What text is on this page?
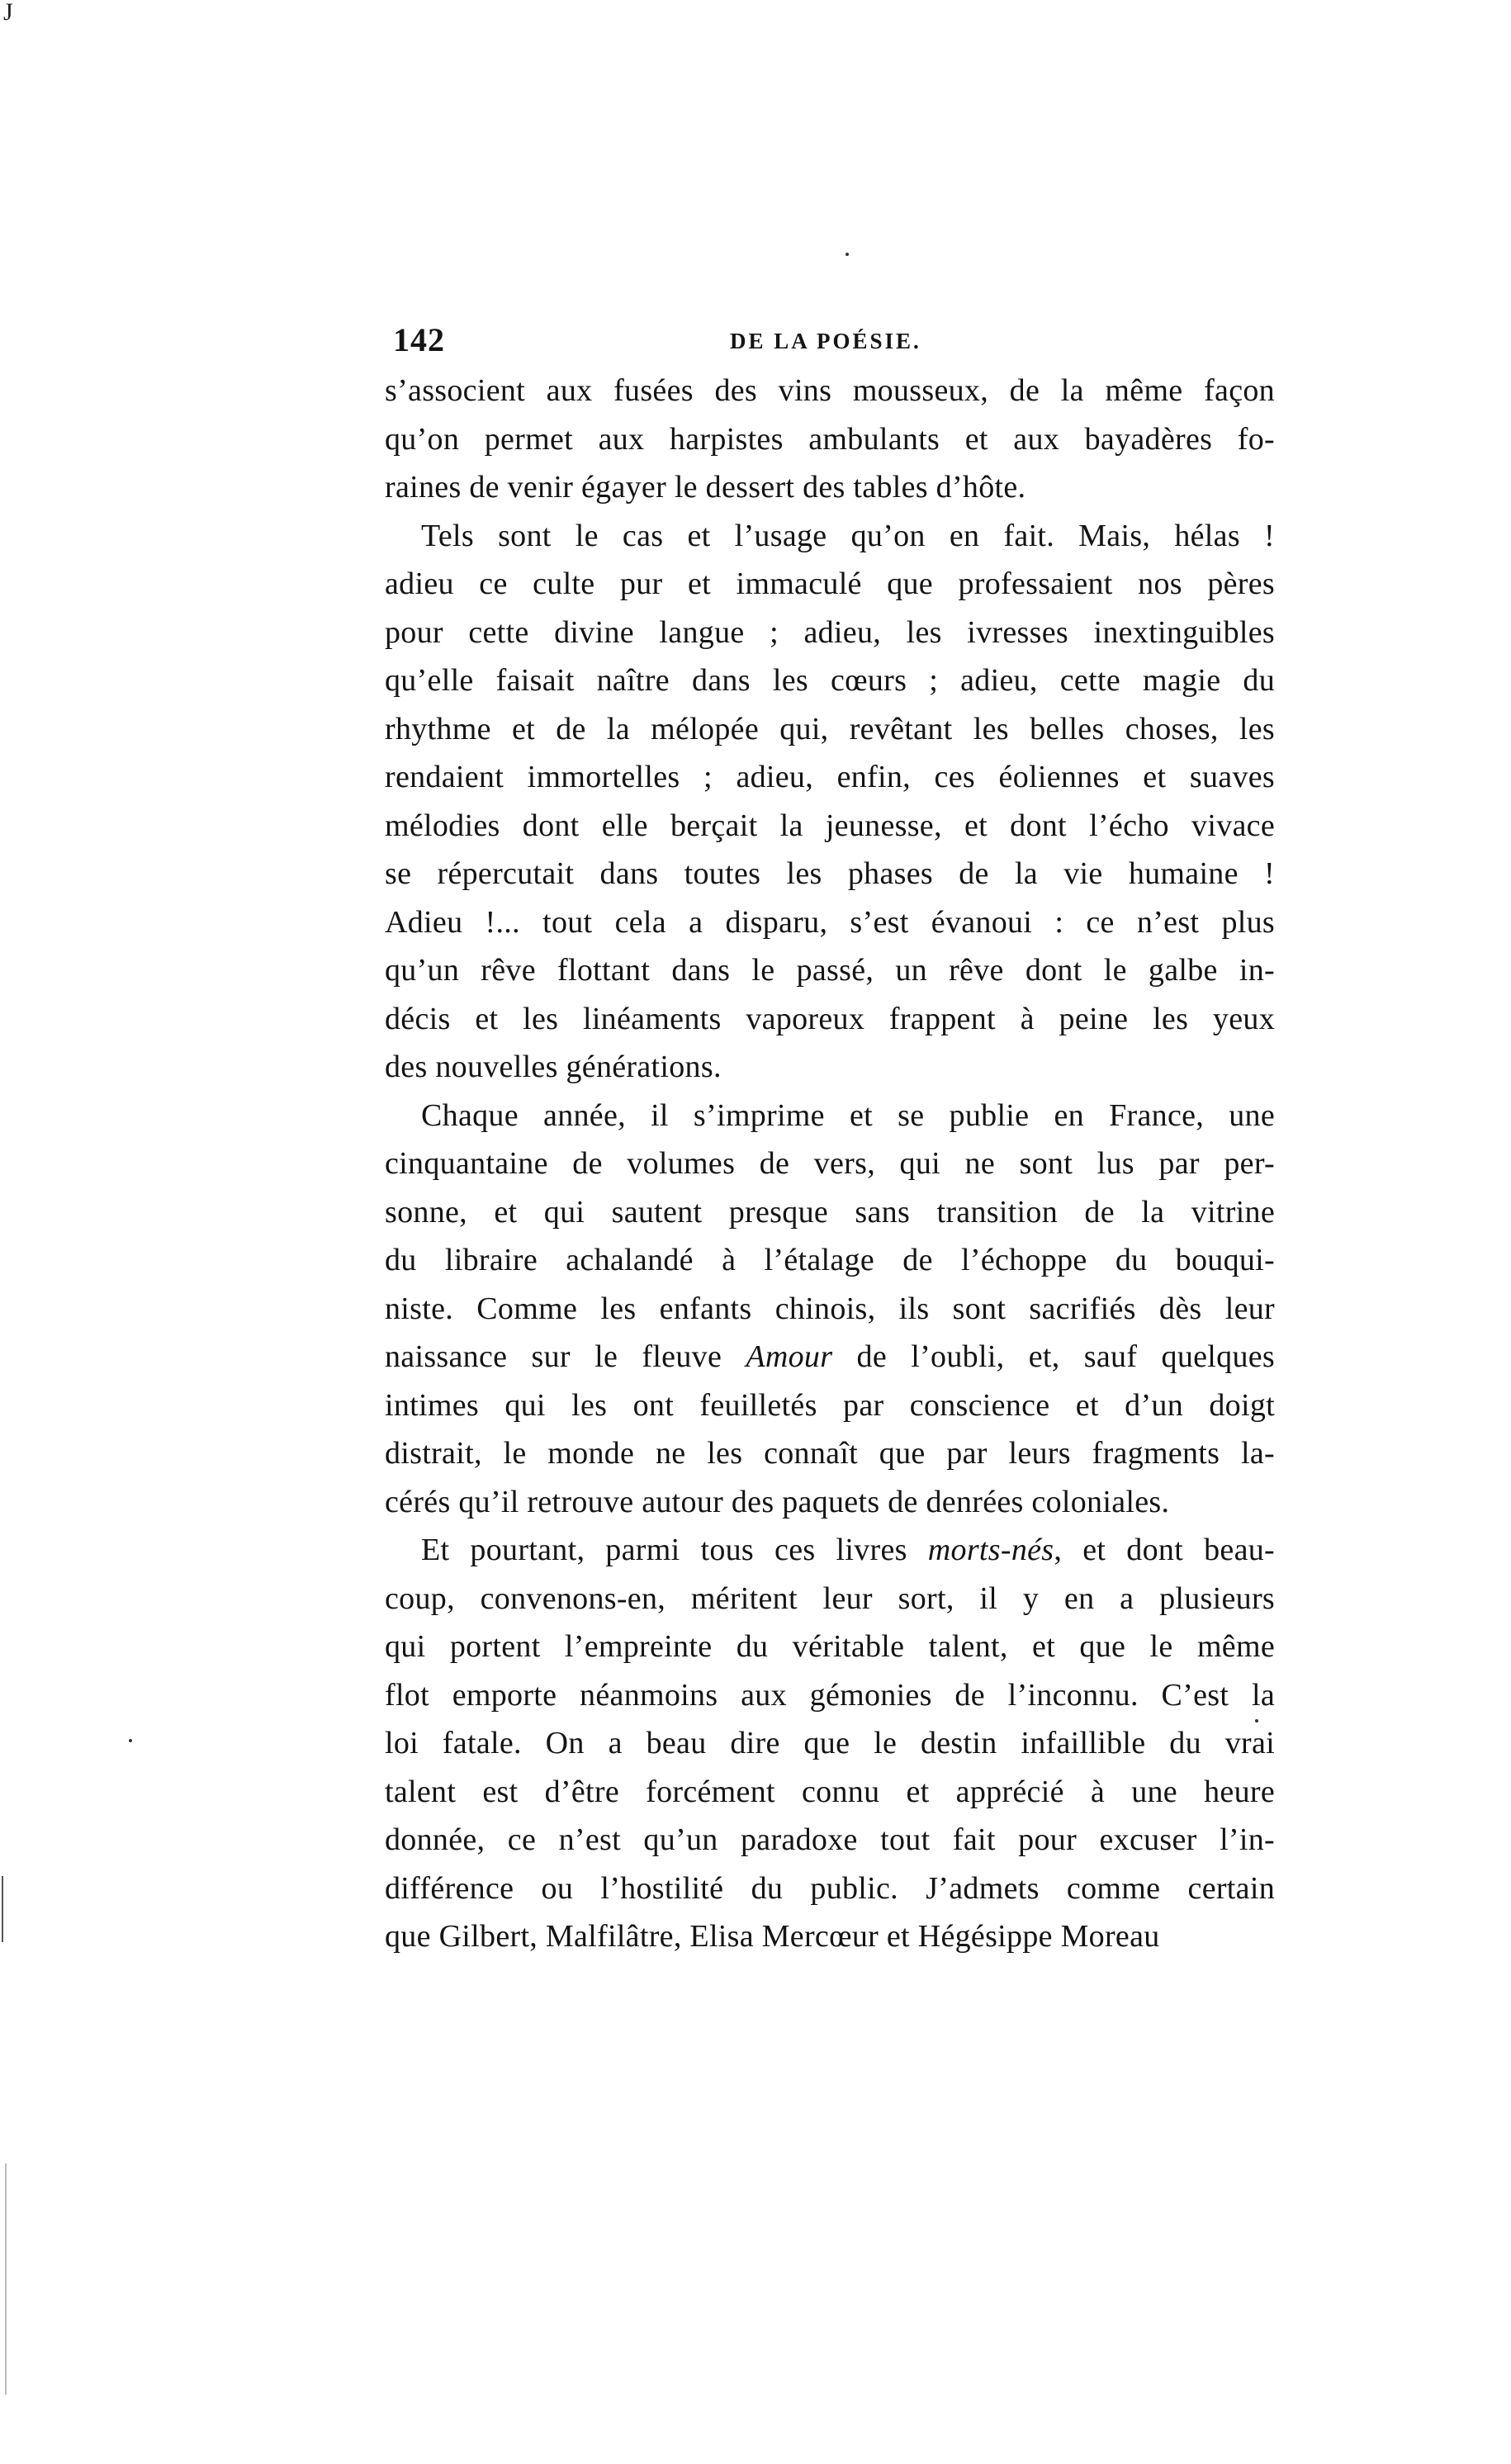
J
142	DE LA POÉSIE.
s’associent aux fusées des vins mousseux, de la même façon
qu’on permet aux harpistes ambulants et aux bayadères fo-
raines de venir égayer le dessert des tables d’hôte.
Tels sont le cas et l’usage qu’on en fait. Mais, hélas !
adieu ce culte pur et immaculé que professaient nos pères
pour cette divine langue ; adieu, les ivresses inextinguibles
qu’elle faisait naître dans les cœurs ; adieu, cette magie du
rhythme et de la mélopée qui, revêtant les belles choses, les
rendaient immortelles ; adieu, enfin, ces éoliennes et suaves
mélodies dont elle berçait la jeunesse, et dont l’écho vivace
se répercutait dans toutes les phases de la vie humaine !
Adieu !... tout cela a disparu, s’est évanoui : ce n’est plus
qu’un rêve flottant dans le passé, un rêve dont le galbe in-
décis et les linéaments vaporeux frappent à peine les yeux
des nouvelles générations.
Chaque année, il s’imprime et se publie en France, une
cinquantaine de volumes de vers, qui ne sont lus par per-
sonne, et qui sautent presque sans transition de la vitrine
du libraire achalandé à l’étalage de l’échoppe du bouqui-
niste. Comme les enfants chinois, ils sont sacrifiés dès leur
naissance sur le fleuve Amour de l’oubli, et, sauf quelques
intimes qui les ont feuilletés par conscience et d’un doigt
distrait, le monde ne les connaît que par leurs fragments la-
cérés qu’il retrouve autour des paquets de denrées coloniales.
Et pourtant, parmi tous ces livres morts-nés, et dont beau-
coup, convenons-en, méritent leur sort, il y en a plusieurs
qui portent l’empreinte du véritable talent, et que le même
flot emporte néanmoins aux gémonies de l’inconnu. C’est la
loi fatale. On a beau dire que le destin infaillible du vrai
talent est d’être forcément connu et apprécié à une heure
donnée, ce n’est qu’un paradoxe tout fait pour excuser l’in-
différence ou l’hostilité du public. J’admets comme certain
que Gilbert, Malfilâtre, Elisa Mercœur et Hégésippe Moreau
